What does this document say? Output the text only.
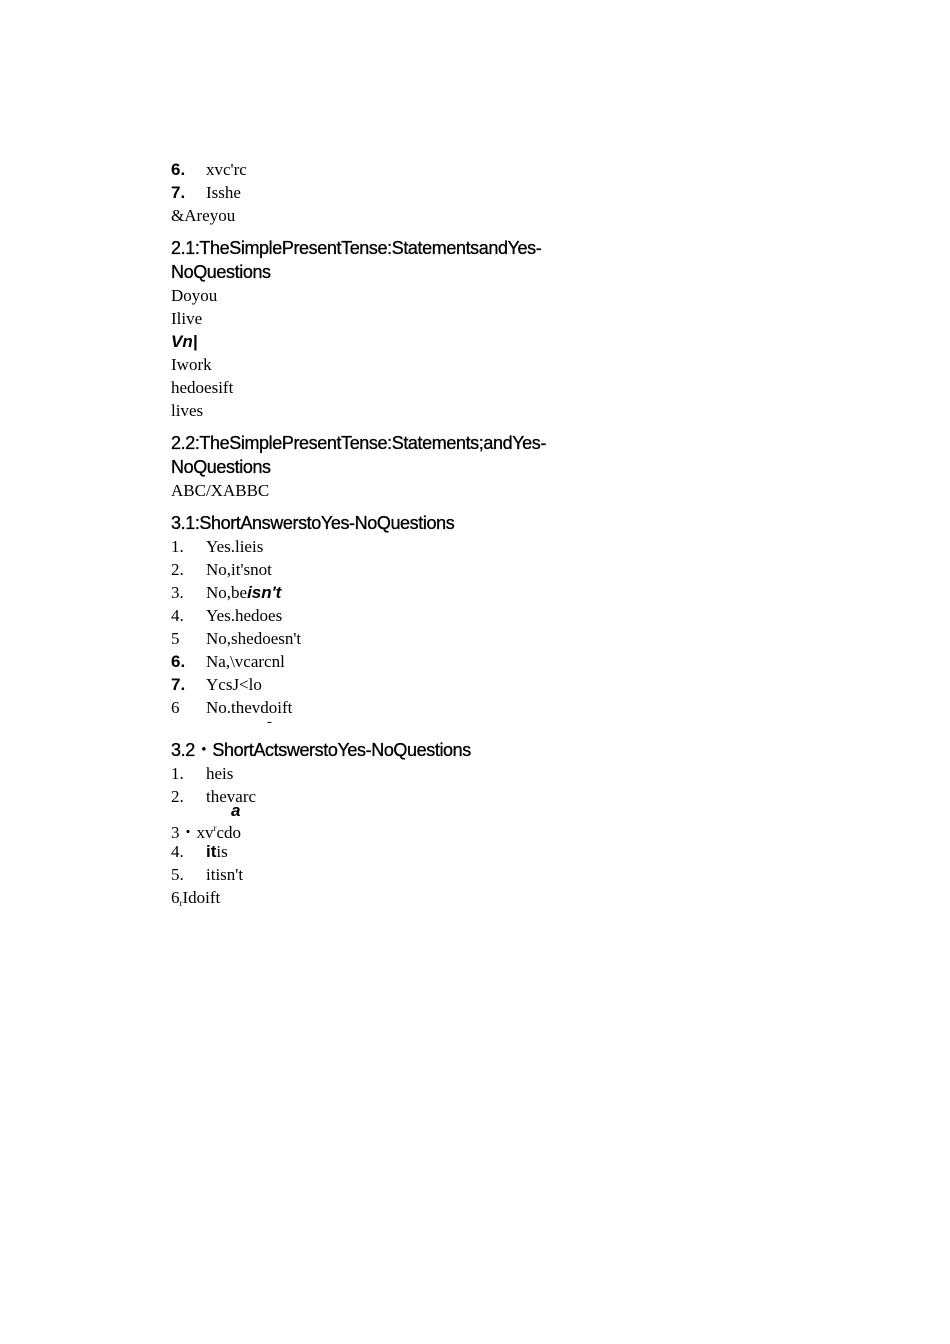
6. xvc'rc
7. Isshe
&Areyou
2.1:TheSimplePresentTense:StatementsandYes-
NoQuestions
Doyou
Ilive
Vn|
Iwork
hedoesift
lives
2.2:TheSimplePresentTense:Statements;andYes-
NoQuestions
ABC/XABBC
3.1:ShortAnswerstoYes-NoQuestions
1. Yes.lieis
2. No,it'snot
3. No,beisn't
4. Yes.hedoes
5 No,shedoesn't
6. Na,\vcarcnl
7. YcsJ<lo
6 No.thevdoift
-
3.2・ShortActswerstoYes-NoQuestions
1. heis
2. thevarc
a
3・$xv^rcdo$
4. itis
5. itisn't
$6_rIdoift$
